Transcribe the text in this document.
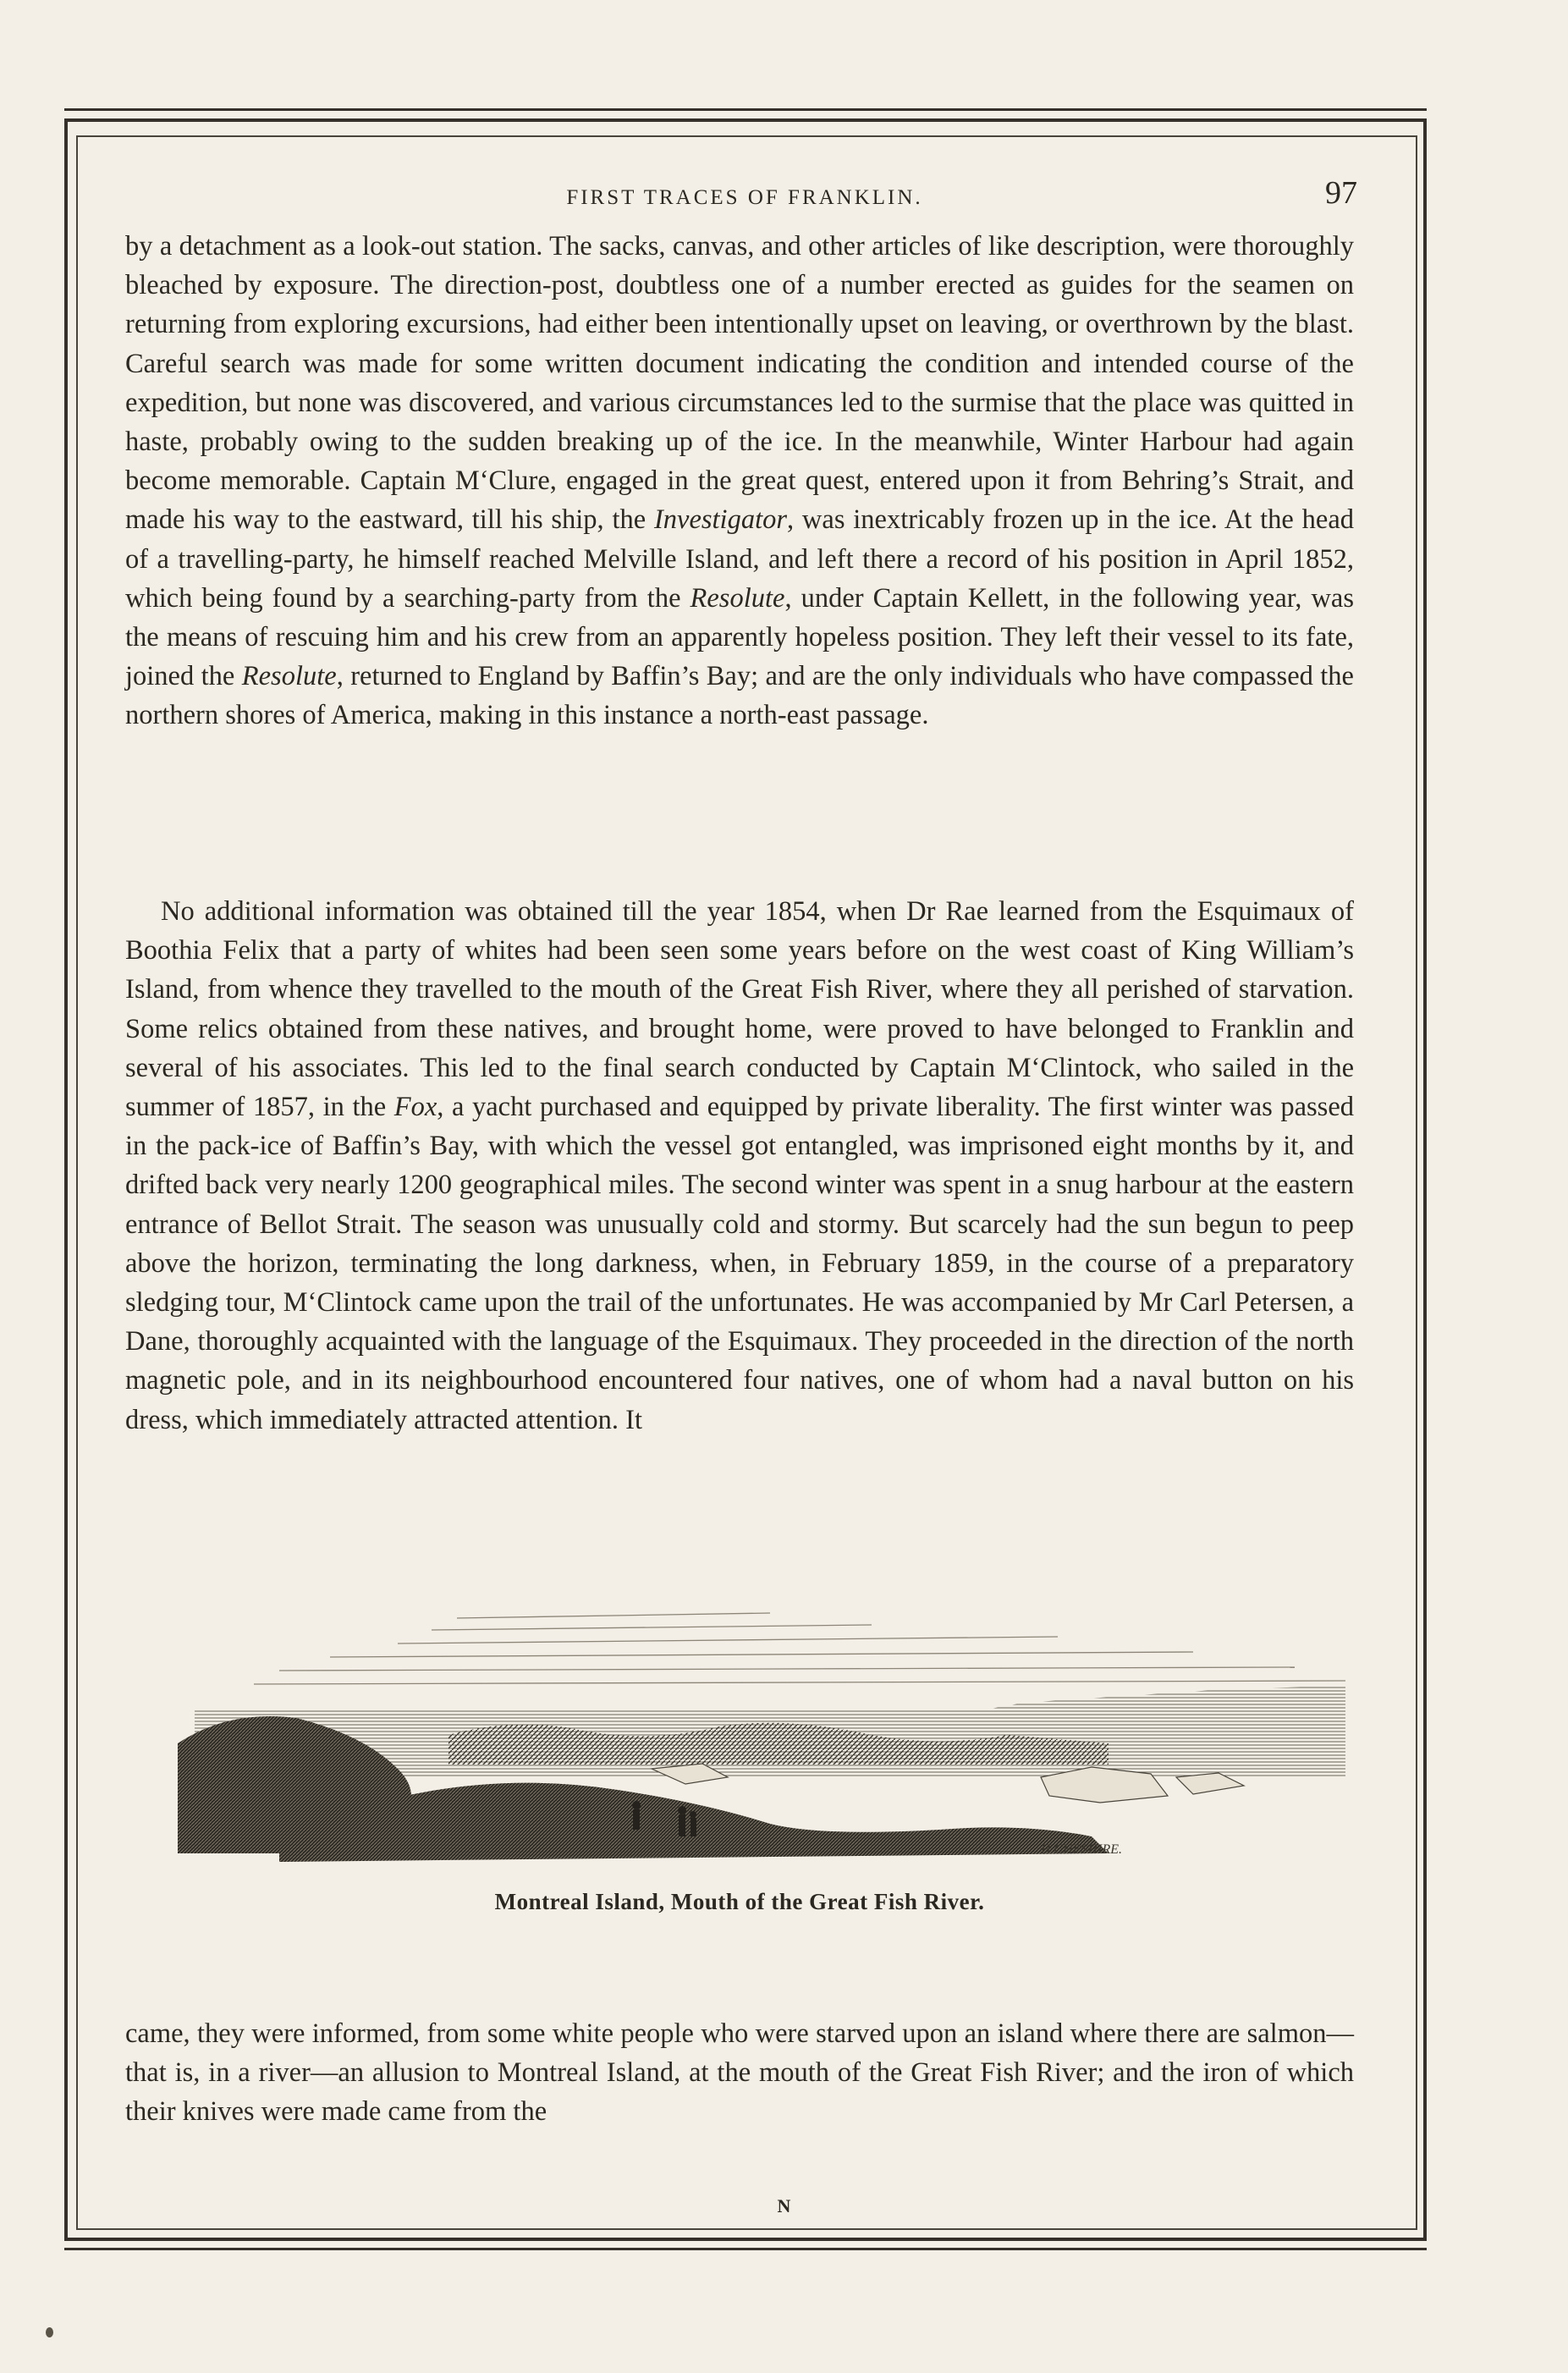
FIRST TRACES OF FRANKLIN.	97

by a detachment as a look-out station. The sacks, canvas, and other articles of like description, were thoroughly bleached by exposure. The direction-post, doubtless one of a number erected as guides for the seamen on returning from exploring excursions, had either been intentionally upset on leaving, or overthrown by the blast. Careful search was made for some written document indicating the condition and intended course of the expedition, but none was discovered, and various circumstances led to the surmise that the place was quitted in haste, probably owing to the sudden breaking up of the ice. In the meanwhile, Winter Harbour had again become memorable. Captain M‘Clure, engaged in the great quest, entered upon it from Behring’s Strait, and made his way to the eastward, till his ship, the Investigator, was inextricably frozen up in the ice. At the head of a travelling-party, he himself reached Melville Island, and left there a record of his position in April 1852, which being found by a searching-party from the Resolute, under Captain Kellett, in the following year, was the means of rescuing him and his crew from an apparently hopeless position. They left their vessel to its fate, joined the Resolute, returned to England by Baffin’s Bay; and are the only individuals who have compassed the northern shores of America, making in this instance a north-east passage.

No additional information was obtained till the year 1854, when Dr Rae learned from the Esquimaux of Boothia Felix that a party of whites had been seen some years before on the west coast of King William’s Island, from whence they travelled to the mouth of the Great Fish River, where they all perished of starvation. Some relics obtained from these natives, and brought home, were proved to have belonged to Franklin and several of his associates. This led to the final search conducted by Captain M‘Clintock, who sailed in the summer of 1857, in the Fox, a yacht purchased and equipped by private liberality. The first winter was passed in the pack-ice of Baffin’s Bay, with which the vessel got entangled, was imprisoned eight months by it, and drifted back very nearly 1200 geographical miles. The second winter was spent in a snug harbour at the eastern entrance of Bellot Strait. The season was unusually cold and stormy. But scarcely had the sun begun to peep above the horizon, terminating the long darkness, when, in February 1859, in the course of a preparatory sledging tour, M‘Clintock came upon the trail of the unfortunates. He was accompanied by Mr Carl Petersen, a Dane, thoroughly acquainted with the language of the Esquimaux. They proceeded in the direction of the north magnetic pole, and in its neighbourhood encountered four natives, one of whom had a naval button on his dress, which immediately attracted attention. It

H.CHESHIRE.
Montreal Island, Mouth of the Great Fish River.

came, they were informed, from some white people who were starved upon an island where there are salmon—that is, in a river—an allusion to Montreal Island, at the mouth of the Great Fish River; and the iron of which their knives were made came from the

N
